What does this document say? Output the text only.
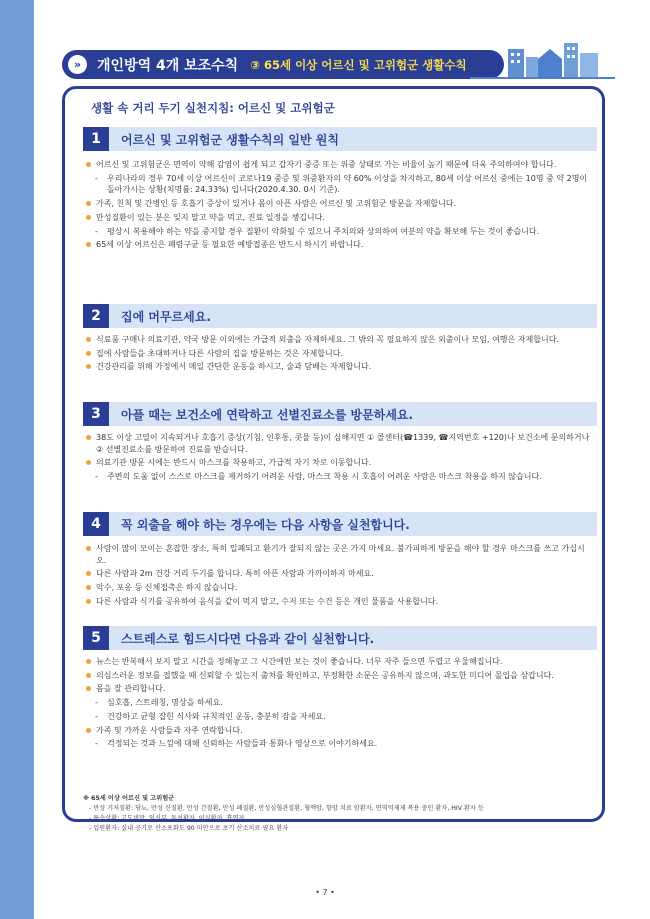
»	개인방역 4개 보조수칙 ③ 65세 이상 어르신 및 고위험군 생활수칙
생활 속 거리 두기 실천지침: 어르신 및 고위험군
1	어르신 및 고위험군 생활수칙의 일반 원칙
어르신 및 고위험군은 면역이 약해 감염이 쉽게 되고 갑자기 중증 또는 위중 상태로 가는 비율이 높기 때문에 더욱 주의하여야 합니다.
- 우리나라의 경우 70세 이상 어르신이 코로나19 중증 및 위중환자의 약 60% 이상을 차지하고, 80세 이상 어르신 중에는 10명 중 약 2명이 돌아가시는 상황(치명률: 24.33%) 입니다(2020.4.30. 0시 기준).
가족, 친척 및 간병인 등 호흡기 증상이 있거나 몸이 아픈 사람은 어르신 및 고위험군 방문을 자제합니다.
만성질환이 있는 분은 잊지 말고 약을 먹고, 진료 일정을 챙깁니다.
- 평상시 복용해야 하는 약을 중지할 경우 질환이 악화될 수 있으니 주치의와 상의하여 여분의 약을 확보해 두는 것이 좋습니다.
65세 이상 어르신은 폐렴구균 등 필요한 예방접종은 반드시 하시기 바랍니다.
2	집에 머무르세요.
식료품 구매나 의료기관, 약국 방문 이외에는 가급적 외출을 자제하세요. 그 밖의 꼭 필요하지 않은 외출이나 모임, 여행은 자제합니다.
집에 사람들을 초대하거나 다른 사람의 집을 방문하는 것은 자제합니다.
건강관리를 위해 가정에서 매일 간단한 운동을 하시고, 술과 담배는 자제합니다.
3	아플 때는 보건소에 연락하고 선별진료소를 방문하세요.
38도 이상 고열이 지속되거나 호흡기 증상(기침, 인후통, 콧물 등)이 심해지면 ① 콜센터(☎1339, ☎지역번호 +120)나 보건소에 문의하거나 ② 선별진료소를 방문하여 진료를 받습니다.
의료기관 방문 시에는 반드시 마스크를 착용하고, 가급적 자기 차로 이동합니다.
- 주변의 도움 없이 스스로 마스크를 제거하기 어려운 사람, 마스크 착용 시 호흡이 어려운 사람은 마스크 착용을 하지 않습니다.
4	꼭 외출을 해야 하는 경우에는 다음 사항을 실천합니다.
사람이 많이 모이는 혼잡한 장소, 특히 밀폐되고 환기가 잘되지 않는 곳은 가지 마세요. 불가피하게 방문을 해야 할 경우 마스크를 쓰고 가십시오.
다른 사람과 2m 건강 거리 두기를 합니다. 특히 아픈 사람과 가까이하지 마세요.
악수, 포옹 등 신체접촉은 하지 않습니다.
다른 사람과 식기를 공유하여 음식을 같이 먹지 말고, 수저 또는 수건 등은 개인 물품을 사용합니다.
5	스트레스로 힘드시다면 다음과 같이 실천합니다.
뉴스는 반복해서 보지 말고 시간을 정해놓고 그 시간에만 보는 것이 좋습니다. 너무 자주 들으면 두렵고 우울해집니다.
의심스러운 정보를 접했을 때 신뢰할 수 있는지 출처를 확인하고, 부정확한 소문은 공유하지 않으며, 과도한 미디어 몰입을 삼갑니다.
몸을 잘 관리합니다.
- 심호흡, 스트레칭, 명상을 하세요.
- 건강하고 균형 잡힌 식사와 규칙적인 운동, 충분히 잠을 자세요.
가족 및 가까운 사람들과 자주 연락합니다.
- 걱정되는 것과 느낌에 대해 신뢰하는 사람들과 통화나 영상으로 이야기하세요.
※ 65세 이상 어르신 및 고위험군
- 만성 기저질환: 당뇨, 만성 신질환, 만성 간질환, 만성 폐질환, 만성심혈관질환, 혈액암, 항암 치료 암환자, 면역억제제 복용 중인 환자, HIV 환자 등
- 특수상황: 고도비만, 임신부, 투석환자, 이식환자, 흡연자
- 입원환자: 실내 공기로 산소포화도 90 미만으로 초기 산소치료 필요 환자
• 7 •
